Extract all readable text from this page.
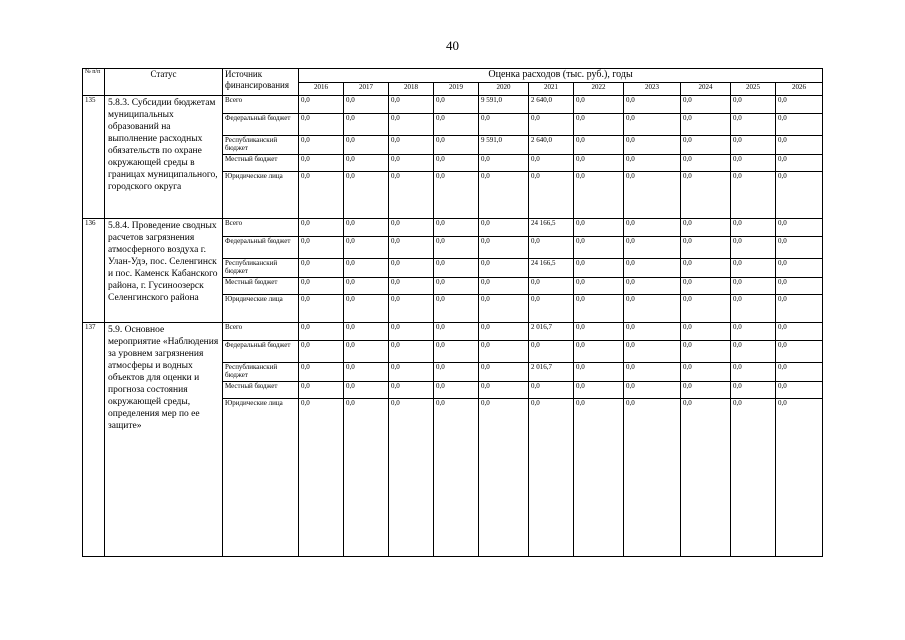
40
№ п/п	Статус	Источник финансирования	Оценка расходов (тыс. руб.), годы										
			2016	2017	2018	2019	2020	2021	2022	2023	2024	2025	2026
135	5.8.3. Субсидии бюджетам муниципальных образований на выполнение расходных обязательств по охране окружающей среды в границах муниципального, городского округа	Всего	0,0	0,0	0,0	0,0	9 591,0	2 640,0	0,0	0,0	0,0	0,0	0,0
		Федеральный бюджет	0,0	0,0	0,0	0,0	0,0	0,0	0,0	0,0	0,0	0,0	0,0
		Республиканский бюджет	0,0	0,0	0,0	0,0	9 591,0	2 640,0	0,0	0,0	0,0	0,0	0,0
		Местный бюджет	0,0	0,0	0,0	0,0	0,0	0,0	0,0	0,0	0,0	0,0	0,0
		Юридические лица	0,0	0,0	0,0	0,0	0,0	0,0	0,0	0,0	0,0	0,0	0,0
136	5.8.4. Проведение сводных расчетов загрязнения атмосферного воздуха г. Улан-Удэ, пос. Селенгинск и пос. Каменск Кабанского района, г. Гусиноозерск Селенгинского района	Всего	0,0	0,0	0,0	0,0	0,0	24 166,5	0,0	0,0	0,0	0,0	0,0
		Федеральный бюджет	0,0	0,0	0,0	0,0	0,0	0,0	0,0	0,0	0,0	0,0	0,0
		Республиканский бюджет	0,0	0,0	0,0	0,0	0,0	24 166,5	0,0	0,0	0,0	0,0	0,0
		Местный бюджет	0,0	0,0	0,0	0,0	0,0	0,0	0,0	0,0	0,0	0,0	0,0
		Юридические лица	0,0	0,0	0,0	0,0	0,0	0,0	0,0	0,0	0,0	0,0	0,0
137	5.9. Основное мероприятие «Наблюдения за уровнем загрязнения атмосферы и водных объектов для оценки и прогноза состояния окружающей среды, определения мер по ее защите»	Всего	0,0	0,0	0,0	0,0	0,0	2 016,7	0,0	0,0	0,0	0,0	0,0
		Федеральный бюджет	0,0	0,0	0,0	0,0	0,0	0,0	0,0	0,0	0,0	0,0	0,0
		Республиканский бюджет	0,0	0,0	0,0	0,0	0,0	2 016,7	0,0	0,0	0,0	0,0	0,0
		Местный бюджет	0,0	0,0	0,0	0,0	0,0	0,0	0,0	0,0	0,0	0,0	0,0
		Юридические лица	0,0	0,0	0,0	0,0	0,0	0,0	0,0	0,0	0,0	0,0	0,0
